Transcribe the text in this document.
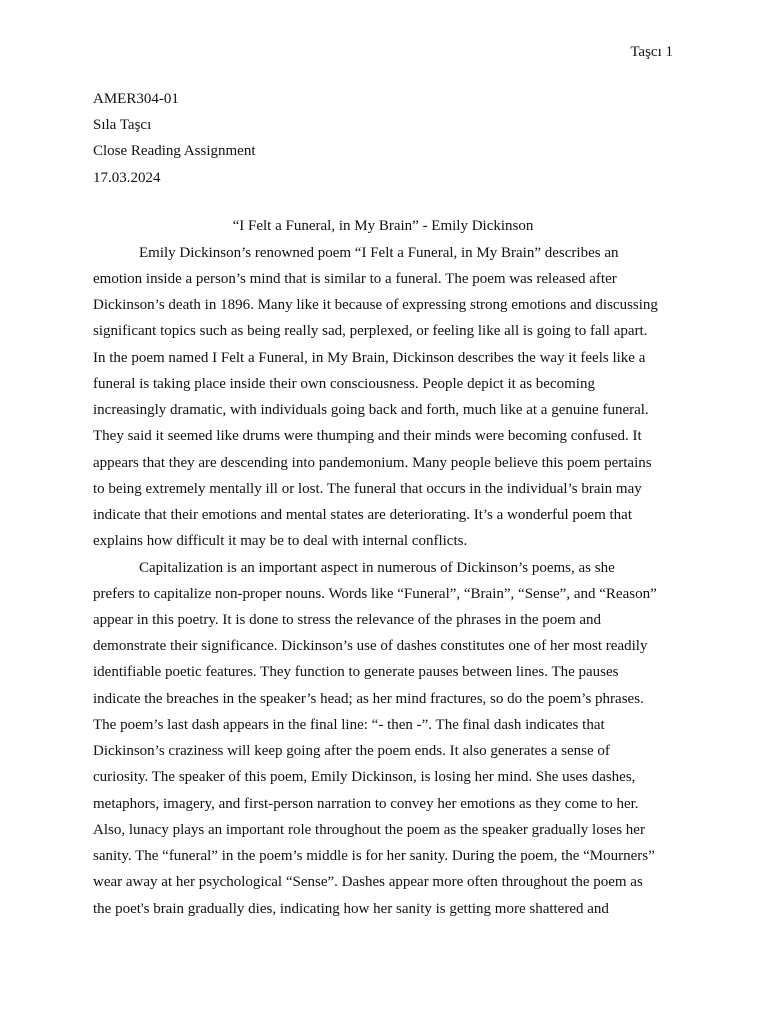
Taşcı 1
AMER304-01
Sıla Taşcı
Close Reading Assignment
17.03.2024
“I Felt a Funeral, in My Brain” - Emily Dickinson
Emily Dickinson’s renowned poem “I Felt a Funeral, in My Brain” describes an
emotion inside a person’s mind that is similar to a funeral. The poem was released after
Dickinson’s death in 1896. Many like it because of expressing strong emotions and discussing
significant topics such as being really sad, perplexed, or feeling like all is going to fall apart.
In the poem named I Felt a Funeral, in My Brain, Dickinson describes the way it feels like a
funeral is taking place inside their own consciousness. People depict it as becoming
increasingly dramatic, with individuals going back and forth, much like at a genuine funeral.
They said it seemed like drums were thumping and their minds were becoming confused. It
appears that they are descending into pandemonium. Many people believe this poem pertains
to being extremely mentally ill or lost. The funeral that occurs in the individual’s brain may
indicate that their emotions and mental states are deteriorating. It’s a wonderful poem that
explains how difficult it may be to deal with internal conflicts.
Capitalization is an important aspect in numerous of Dickinson’s poems, as she
prefers to capitalize non-proper nouns. Words like “Funeral”, “Brain”, “Sense”, and “Reason”
appear in this poetry. It is done to stress the relevance of the phrases in the poem and
demonstrate their significance. Dickinson’s use of dashes constitutes one of her most readily
identifiable poetic features. They function to generate pauses between lines. The pauses
indicate the breaches in the speaker’s head; as her mind fractures, so do the poem’s phrases.
The poem’s last dash appears in the final line: “- then -”. The final dash indicates that
Dickinson’s craziness will keep going after the poem ends. It also generates a sense of
curiosity. The speaker of this poem, Emily Dickinson, is losing her mind. She uses dashes,
metaphors, imagery, and first-person narration to convey her emotions as they come to her.
Also, lunacy plays an important role throughout the poem as the speaker gradually loses her
sanity. The “funeral” in the poem’s middle is for her sanity. During the poem, the “Mourners”
wear away at her psychological “Sense”. Dashes appear more often throughout the poem as
the poet's brain gradually dies, indicating how her sanity is getting more shattered and
